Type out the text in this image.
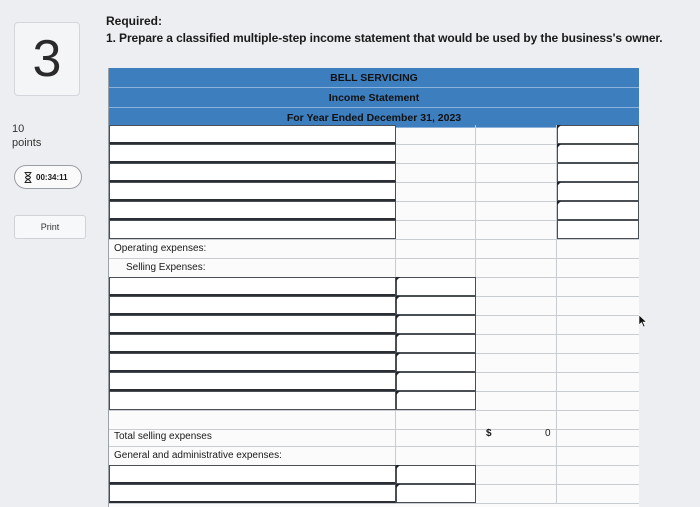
3
10
points
00:34:11
Print
Required:
1. Prepare a classified multiple-step income statement that would be used by the business's owner.
BELL SERVICING
Income Statement
For Year Ended December 31, 2023
Operating expenses:
Selling Expenses:
Total selling expenses	$	0
General and administrative expenses:
